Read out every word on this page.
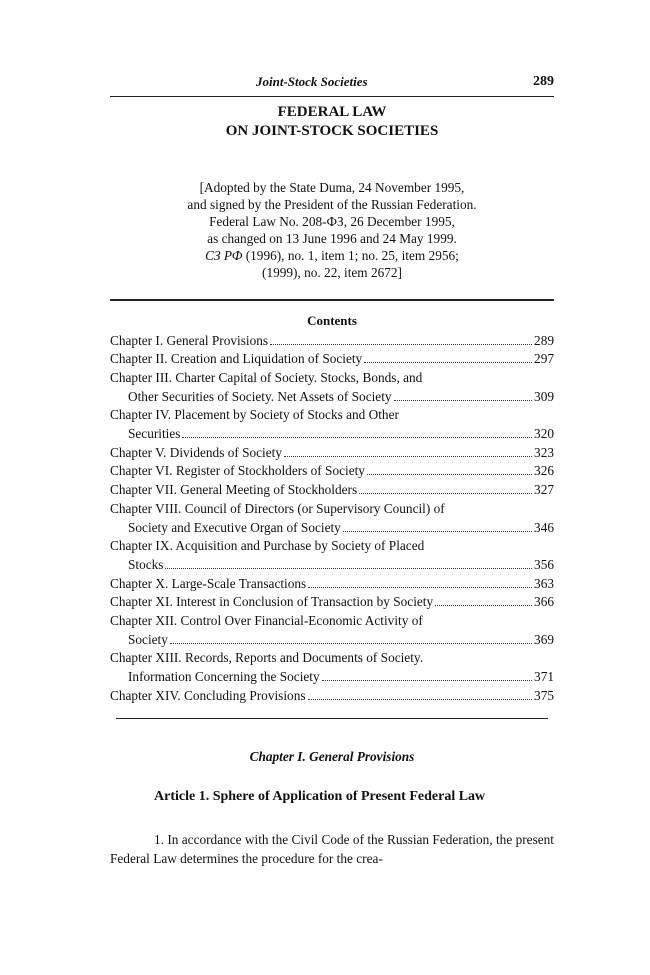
Joint-Stock Societies	289
FEDERAL LAW
ON JOINT-STOCK SOCIETIES
[Adopted by the State Duma, 24 November 1995,
and signed by the President of the Russian Federation.
Federal Law No. 208-ФЗ, 26 December 1995,
as changed on 13 June 1996 and 24 May 1999.
СЗ РФ (1996), no. 1, item 1; no. 25, item 2956;
(1999), no. 22, item 2672]
Contents
Chapter I. General Provisions	289
Chapter II. Creation and Liquidation of Society	297
Chapter III. Charter Capital of Society. Stocks, Bonds, and
Other Securities of Society. Net Assets of Society	309
Chapter IV. Placement by Society of Stocks and Other
Securities	320
Chapter V. Dividends of Society	323
Chapter VI. Register of Stockholders of Society	326
Chapter VII. General Meeting of Stockholders	327
Chapter VIII. Council of Directors (or Supervisory Council) of
Society and Executive Organ of Society	346
Chapter IX. Acquisition and Purchase by Society of Placed
Stocks	356
Chapter X. Large-Scale Transactions	363
Chapter XI. Interest in Conclusion of Transaction by Society	366
Chapter XII. Control Over Financial-Economic Activity of
Society	369
Chapter XIII. Records, Reports and Documents of Society.
Information Concerning the Society	371
Chapter XIV. Concluding Provisions	375
Chapter I. General Provisions
Article 1. Sphere of Application of Present Federal Law
1. In accordance with the Civil Code of the Russian Federation, the present Federal Law determines the procedure for the crea-
